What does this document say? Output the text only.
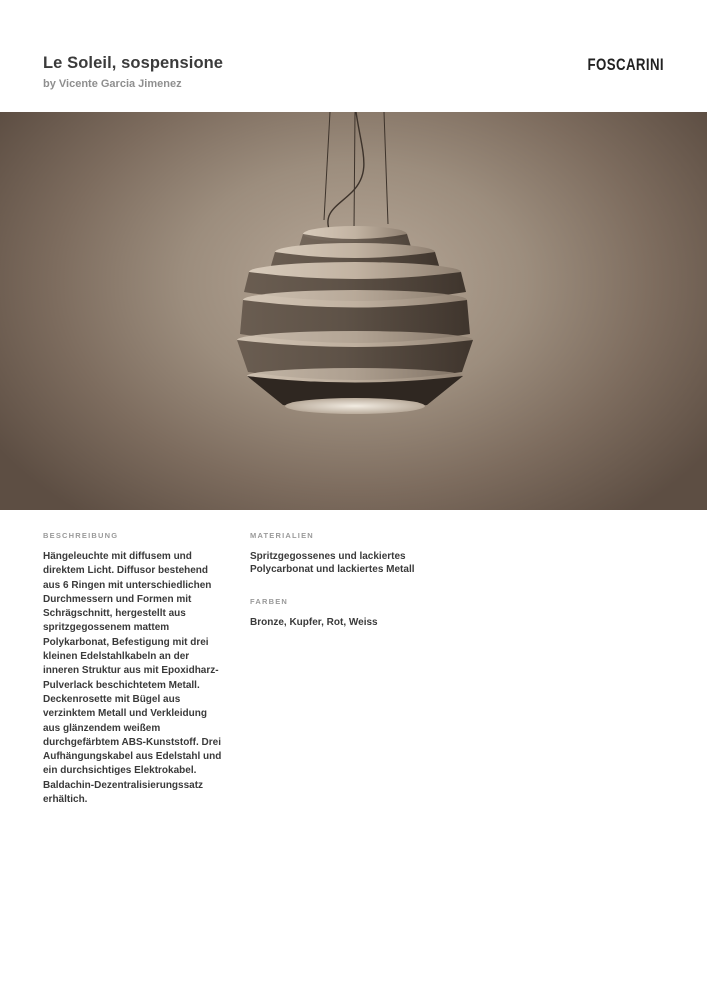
Le Soleil, sospensione
by Vicente Garcia Jimenez
FOSCARINI
BESCHREIBUNG
Hängeleuchte mit diffusem und direktem Licht. Diffusor bestehend aus 6 Ringen mit unterschiedlichen Durchmessern und Formen mit Schrägschnitt, hergestellt aus spritzgegossenem mattem Polykarbonat, Befestigung mit drei kleinen Edelstahlkabeln an der inneren Struktur aus mit Epoxidharz-Pulverlack beschichtetem Metall. Deckenrosette mit Bügel aus verzinktem Metall und Verkleidung aus glänzendem weißem durchgefärbtem ABS-Kunststoff. Drei Aufhängungskabel aus Edelstahl und ein durchsichtiges Elektrokabel. Baldachin-Dezentralisierungssatz erhältich.
MATERIALIEN
Spritzgegossenes und lackiertes Polycarbonat und lackiertes Metall
FARBEN
Bronze, Kupfer, Rot, Weiss
